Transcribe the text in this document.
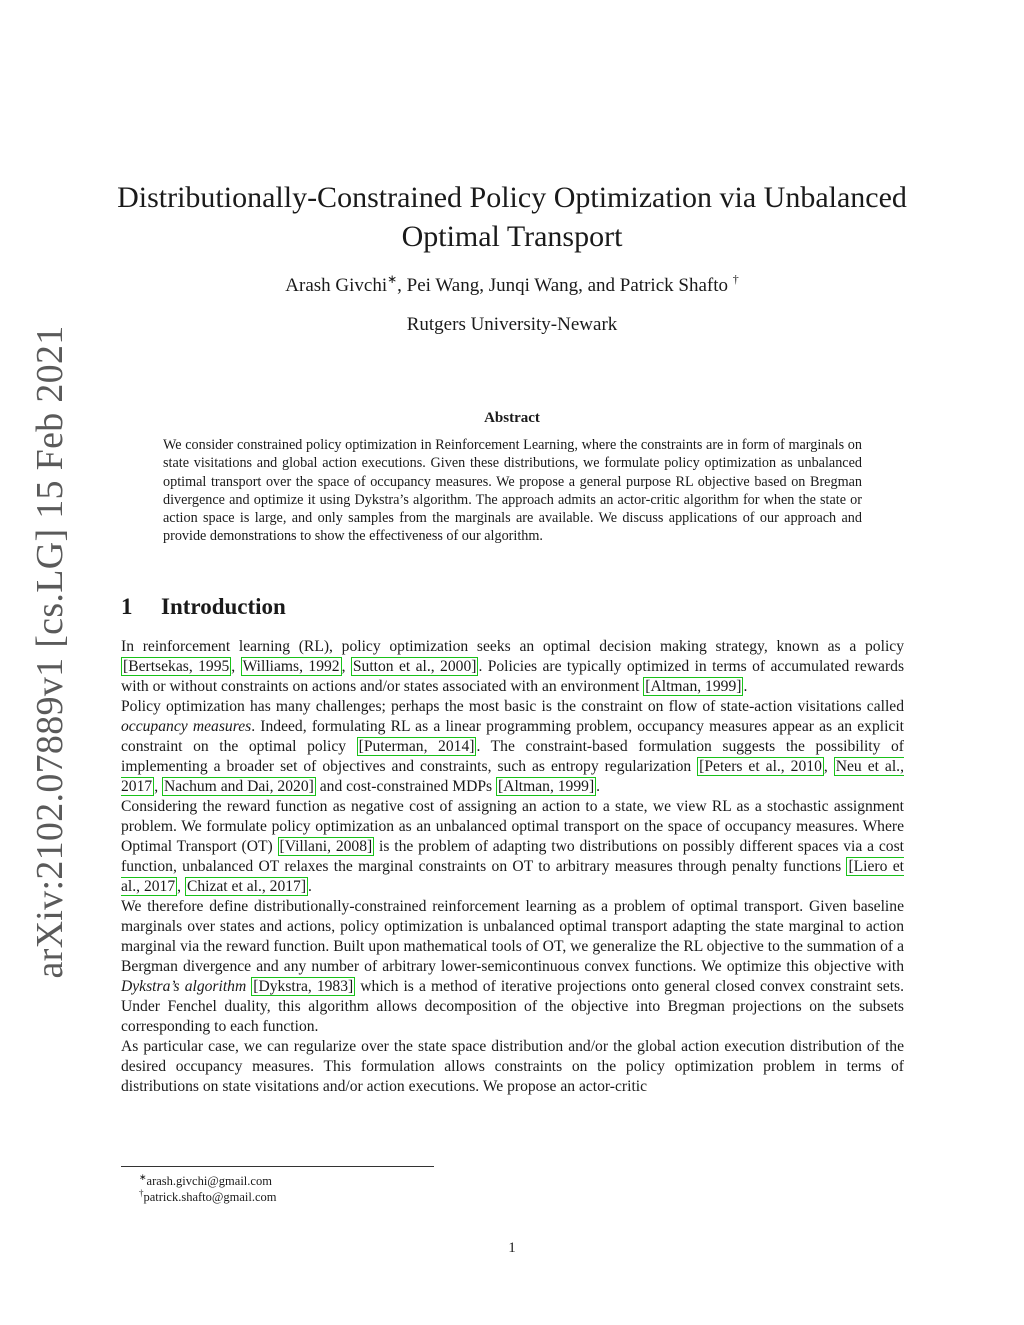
arXiv:2102.07889v1 [cs.LG] 15 Feb 2021
Distributionally-Constrained Policy Optimization via Unbalanced Optimal Transport
Arash Givchi∗, Pei Wang, Junqi Wang, and Patrick Shafto †
Rutgers University-Newark
Abstract
We consider constrained policy optimization in Reinforcement Learning, where the constraints are in form of marginals on state visitations and global action executions. Given these distributions, we formulate policy optimization as unbalanced optimal transport over the space of occupancy measures. We propose a general purpose RL objective based on Bregman divergence and optimize it using Dykstra’s algorithm. The approach admits an actor-critic algorithm for when the state or action space is large, and only samples from the marginals are available. We discuss applications of our approach and provide demonstrations to show the effectiveness of our algorithm.
1 Introduction

In reinforcement learning (RL), policy optimization seeks an optimal decision making strategy, known as a policy [Bertsekas, 1995 , Williams, 1992 , Sutton et al., 2000] . Policies are typically optimized in terms of accumulated rewards with or without constraints on actions and/or states associated with an environment [Altman, 1999] .

Policy optimization has many challenges; perhaps the most basic is the constraint on flow of state-action visitations called occupancy measures. Indeed, formulating RL as a linear programming problem, occupancy measures appear as an explicit constraint on the optimal policy [Puterman, 2014] . The constraint-based formulation suggests the possibility of implementing a broader set of objectives and constraints, such as entropy regularization [Peters et al., 2010 , Neu et al., 2017 , Nachum and Dai, 2020] and cost-constrained MDPs [Altman, 1999] .

Considering the reward function as negative cost of assigning an action to a state, we view RL as a stochastic assignment problem. We formulate policy optimization as an unbalanced optimal transport on the space of occupancy measures. Where Optimal Transport (OT) [Villani, 2008] is the problem of adapting two distributions on possibly different spaces via a cost function, unbalanced OT relaxes the marginal constraints on OT to arbitrary measures through penalty functions [Liero et al., 2017 , Chizat et al., 2017] .

We therefore define distributionally-constrained reinforcement learning as a problem of optimal transport. Given baseline marginals over states and actions, policy optimization is unbalanced optimal transport adapting the state marginal to action marginal via the reward function. Built upon mathematical tools of OT, we generalize the RL objective to the summation of a Bergman divergence and any number of arbitrary lower-semicontinuous convex functions. We optimize this objective with Dykstra’s algorithm [Dykstra, 1983] which is a method of iterative projections onto general closed convex constraint sets. Under Fenchel duality, this algorithm allows decomposition of the objective into Bregman projections on the subsets corresponding to each function.

As particular case, we can regularize over the state space distribution and/or the global action execution distribution of the desired occupancy measures. This formulation allows constraints on the policy optimization problem in terms of distributions on state visitations and/or action executions. We propose an actor-critic

∗arash.givchi@gmail.com
†patrick.shafto@gmail.com
1
